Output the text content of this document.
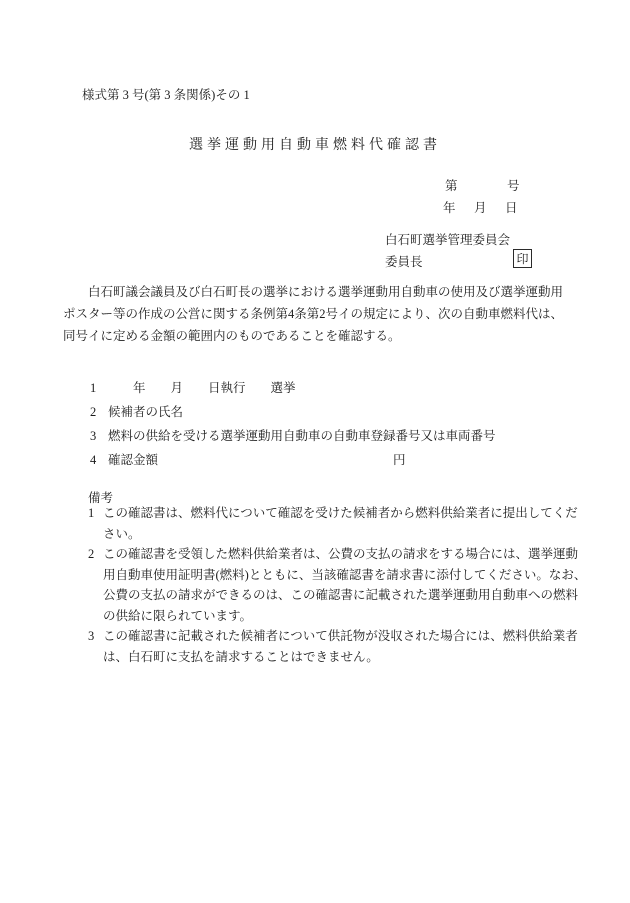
様式第 3 号(第 3 条関係)その 1
選挙運動用自動車燃料代確認書
第　　　号
年　月　日
白石町選挙管理委員会
委員長	印
白石町議会議員及び白石町長の選挙における選挙運動用自動車の使用及び選挙運動用
ポスター等の作成の公営に関する条例第4条第2号イの規定により、次の自動車燃料代は、
同号イに定める金額の範囲内のものであることを確認する。
1 　　年　　月　　日執行　　選挙
2 候補者の氏名
3 燃料の供給を受ける選挙運動用自動車の自動車登録番号又は車両番号
4 確認金額	円
備考
1 この確認書は、燃料代について確認を受けた候補者から燃料供給業者に提出してくだ
さい。
2 この確認書を受領した燃料供給業者は、公費の支払の請求をする場合には、選挙運動
用自動車使用証明書(燃料)とともに、当該確認書を請求書に添付してください。なお、
公費の支払の請求ができるのは、この確認書に記載された選挙運動用自動車への燃料
の供給に限られています。
3 この確認書に記載された候補者について供託物が没収された場合には、燃料供給業者
は、白石町に支払を請求することはできません。
